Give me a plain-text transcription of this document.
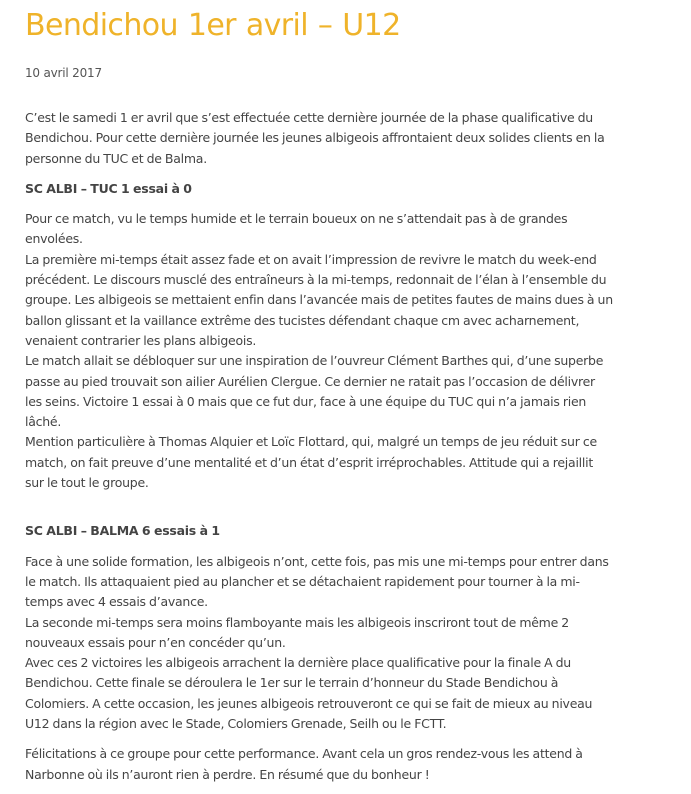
Bendichou 1er avril – U12
10 avril 2017

C’est le samedi 1 er avril que s’est effectuée cette dernière journée de la phase qualificative du
Bendichou. Pour cette dernière journée les jeunes albigeois affrontaient deux solides clients en la
personne du TUC et de Balma.

SC ALBI – TUC 1 essai à 0

Pour ce match, vu le temps humide et le terrain boueux on ne s’attendait pas à de grandes
envolées.
La première mi-temps était assez fade et on avait l’impression de revivre le match du week-end
précédent. Le discours musclé des entraîneurs à la mi-temps, redonnait de l’élan à l’ensemble du
groupe. Les albigeois se mettaient enfin dans l’avancée mais de petites fautes de mains dues à un
ballon glissant et la vaillance extrême des tucistes défendant chaque cm avec acharnement,
venaient contrarier les plans albigeois.
Le match allait se débloquer sur une inspiration de l’ouvreur Clément Barthes qui, d’une superbe
passe au pied trouvait son ailier Aurélien Clergue. Ce dernier ne ratait pas l’occasion de délivrer
les seins. Victoire 1 essai à 0 mais que ce fut dur, face à une équipe du TUC qui n’a jamais rien
lâché.
Mention particulière à Thomas Alquier et Loïc Flottard, qui, malgré un temps de jeu réduit sur ce
match, on fait preuve d’une mentalité et d’un état d’esprit irréprochables. Attitude qui a rejaillit
sur le tout le groupe.

SC ALBI – BALMA 6 essais à 1

Face à une solide formation, les albigeois n’ont, cette fois, pas mis une mi-temps pour entrer dans
le match. Ils attaquaient pied au plancher et se détachaient rapidement pour tourner à la mi-
temps avec 4 essais d’avance.
La seconde mi-temps sera moins flamboyante mais les albigeois inscriront tout de même 2
nouveaux essais pour n’en concéder qu’un.
Avec ces 2 victoires les albigeois arrachent la dernière place qualificative pour la finale A du
Bendichou. Cette finale se déroulera le 1er sur le terrain d’honneur du Stade Bendichou à
Colomiers. A cette occasion, les jeunes albigeois retrouveront ce qui se fait de mieux au niveau
U12 dans la région avec le Stade, Colomiers Grenade, Seilh ou le FCTT.

Félicitations à ce groupe pour cette performance. Avant cela un gros rendez-vous les attend à
Narbonne où ils n’auront rien à perdre. En résumé que du bonheur !
